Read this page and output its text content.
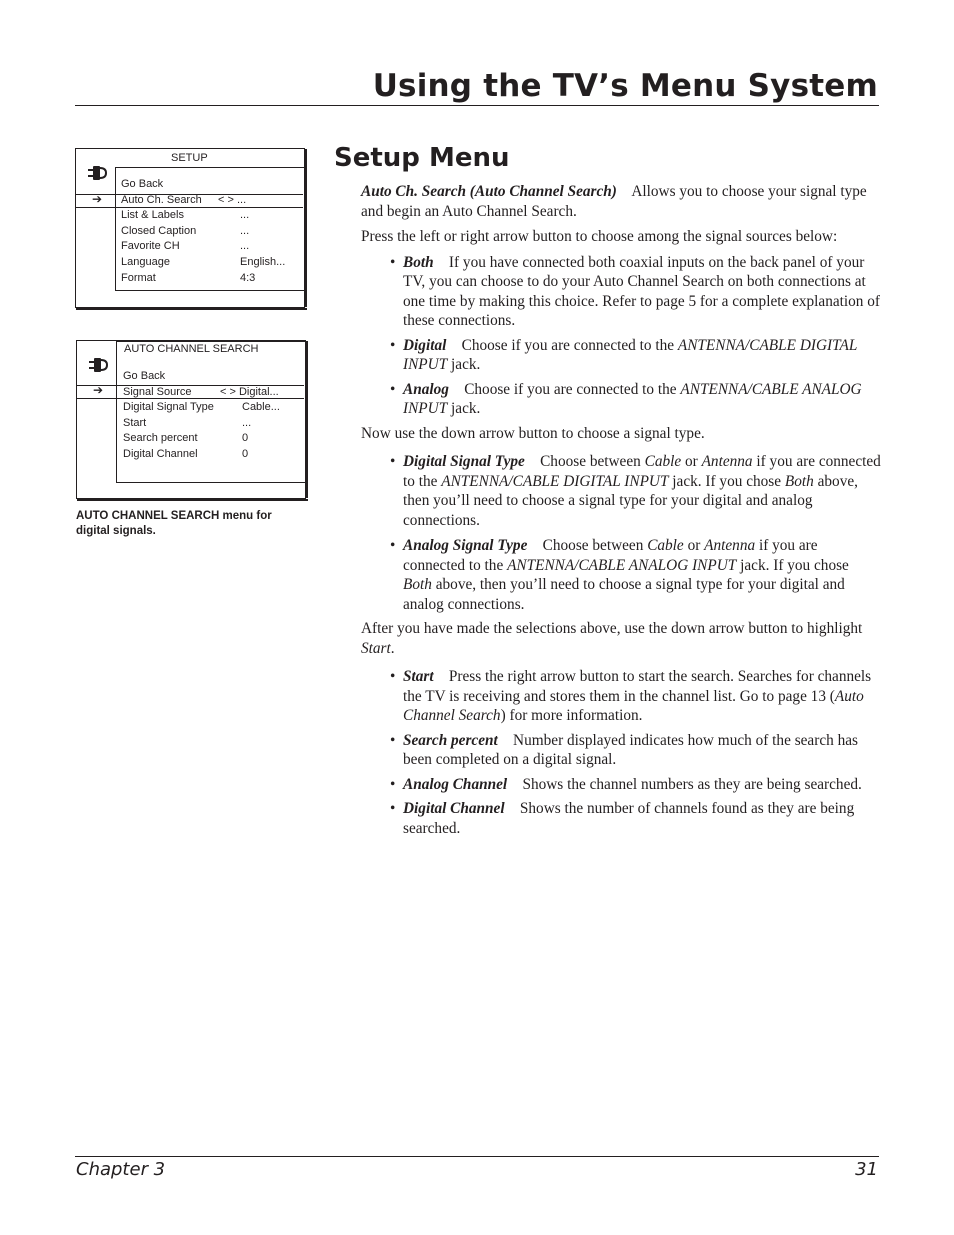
Using the TV’s Menu System
SETUP
➔
Go Back
Auto Ch. Search < > ...
List & Labels	...
Closed Caption	...
Favorite CH	...
Language	English...
Format	4:3
AUTO CHANNEL SEARCH
➔
Go Back
Signal Source	< > Digital...
Digital Signal Type	Cable...
Start	...
Search percent	0
Digital Channel	0
AUTO CHANNEL SEARCH menu for digital signals.
Setup Menu

Auto Ch. Search (Auto Channel Search) Allows you to choose your signal type and begin an Auto Channel Search.

Press the left or right arrow button to choose among the signal sources below:

• Both If you have connected both coaxial inputs on the back panel of your TV, you can choose to do your Auto Channel Search on both connections at one time by making this choice. Refer to page 5 for a complete explanation of these connections.
• Digital Choose if you are connected to the ANTENNA/CABLE DIGITAL INPUT jack.
• Analog Choose if you are connected to the ANTENNA/CABLE ANALOG INPUT jack.

Now use the down arrow button to choose a signal type.

• Digital Signal Type Choose between Cable or Antenna if you are connected to the ANTENNA/CABLE DIGITAL INPUT jack. If you chose Both above, then you’ll need to choose a signal type for your digital and analog connections.
• Analog Signal Type Choose between Cable or Antenna if you are connected to the ANTENNA/CABLE ANALOG INPUT jack. If you chose Both above, then you’ll need to choose a signal type for your digital and analog connections.

After you have made the selections above, use the down arrow button to highlight Start.

• Start Press the right arrow button to start the search. Searches for channels the TV is receiving and stores them in the channel list. Go to page 13 (Auto Channel Search) for more information.
• Search percent Number displayed indicates how much of the search has been completed on a digital signal.
• Analog Channel Shows the channel numbers as they are being searched.
• Digital Channel Shows the number of channels found as they are being searched.
Chapter 3	31
